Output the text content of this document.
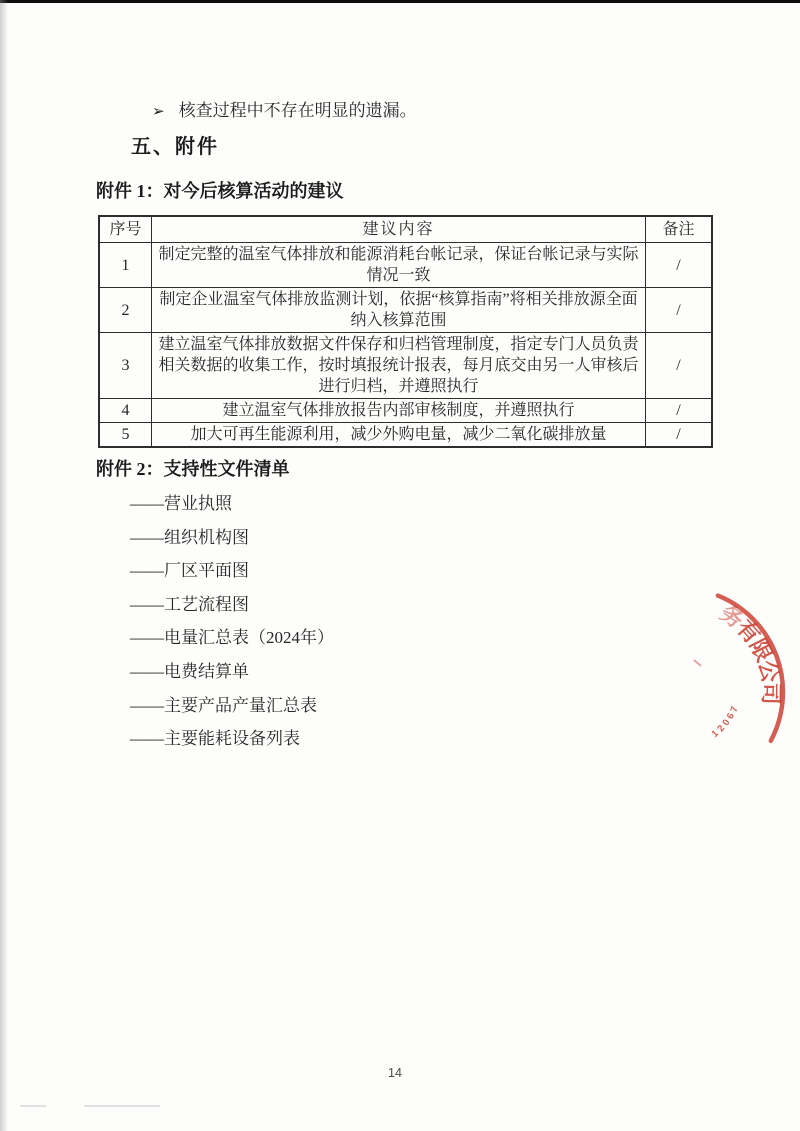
➢ 核查过程中不存在明显的遗漏。
五、附件
附件 1：对今后核算活动的建议
序号	建议内容	备注
1	制定完整的温室气体排放和能源消耗台帐记录，保证台帐记录与实际情况一致	/
2	制定企业温室气体排放监测计划，依据“核算指南”将相关排放源全面纳入核算范围	/
3	建立温室气体排放数据文件保存和归档管理制度，指定专门人员负责相关数据的收集工作，按时填报统计报表，每月底交由另一人审核后进行归档，并遵照执行	/
4	建立温室气体排放报告内部审核制度，并遵照执行	/
5	加大可再生能源利用，减少外购电量，减少二氧化碳排放量	/
附件 2：支持性文件清单
——营业执照
——组织机构图
——厂区平面图
——工艺流程图
——电量汇总表（2024年）
——电费结算单
——主要产品产量汇总表
——主要能耗设备列表
务
有
限
公
司
1
2
0
6
7
14
